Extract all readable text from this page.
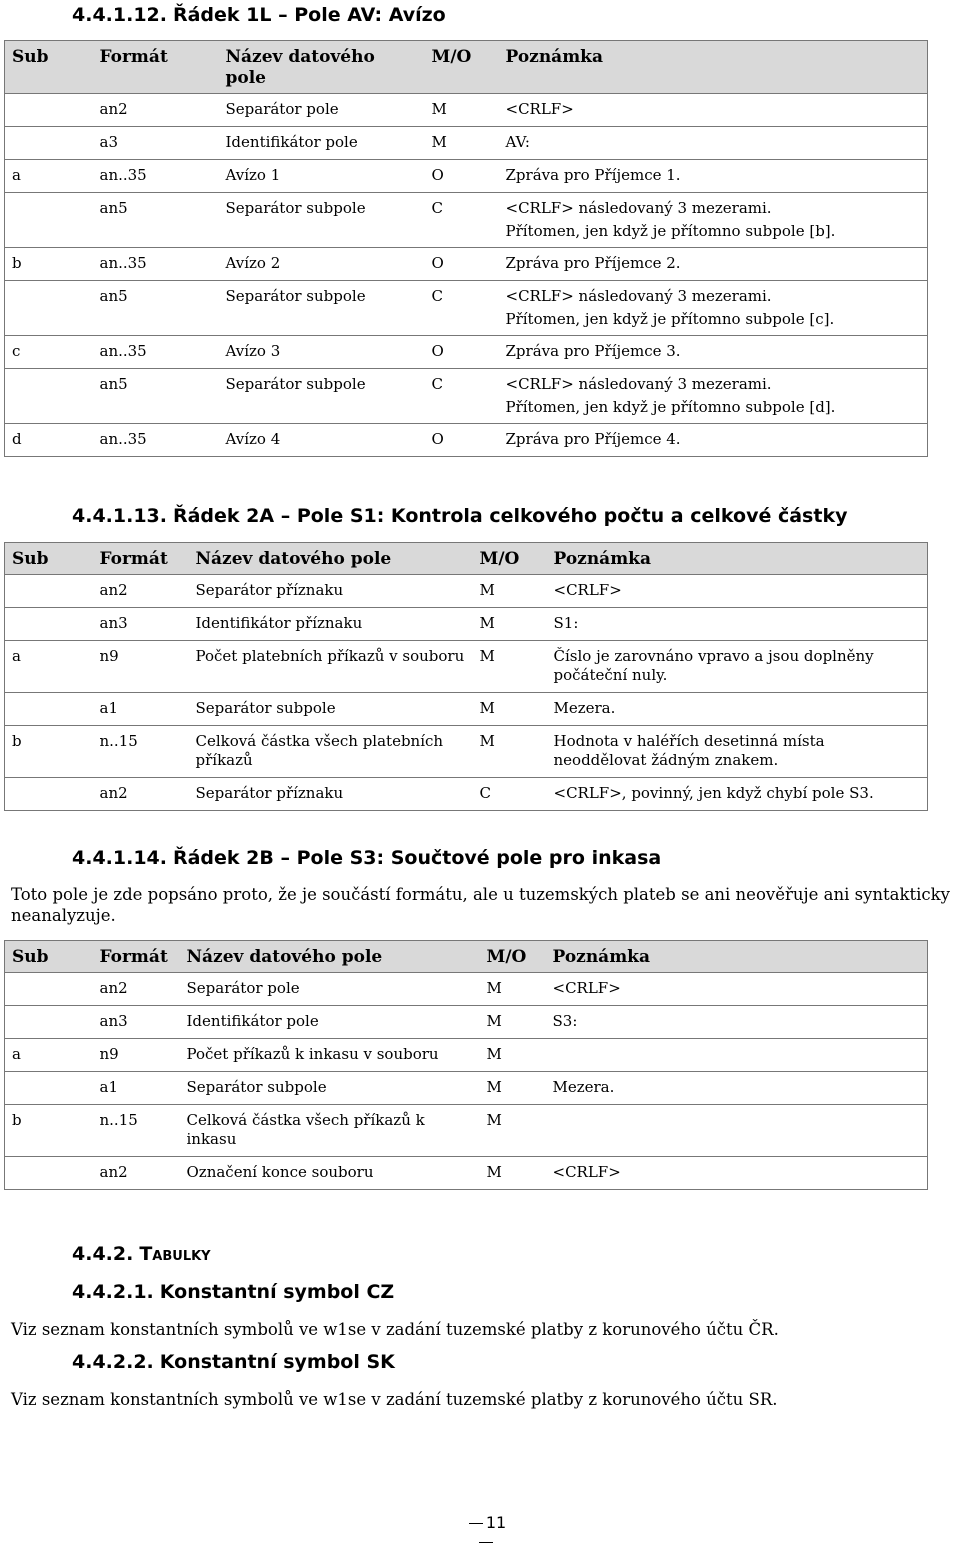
4.4.1.12. Řádek 1L – Pole AV: Avízo
Sub	Formát	Název datového pole	M/O	Poznámka
	an2	Separátor pole	M	<CRLF>
	a3	Identifikátor pole	M	AV:
a	an..35	Avízo 1	O	Zpráva pro Příjemce 1.
	an5	Separátor subpole	C	<CRLF> následovaný 3 mezerami.
				Přítomen, jen když je přítomno subpole [b].
b	an..35	Avízo 2	O	Zpráva pro Příjemce 2.
	an5	Separátor subpole	C	<CRLF> následovaný 3 mezerami.
				Přítomen, jen když je přítomno subpole [c].
c	an..35	Avízo 3	O	Zpráva pro Příjemce 3.
	an5	Separátor subpole	C	<CRLF> následovaný 3 mezerami.
				Přítomen, jen když je přítomno subpole [d].
d	an..35	Avízo 4	O	Zpráva pro Příjemce 4.
4.4.1.13. Řádek 2A – Pole S1: Kontrola celkového počtu a celkové částky
Sub	Formát	Název datového pole	M/O	Poznámka
	an2	Separátor příznaku	M	<CRLF>
	an3	Identifikátor příznaku	M	S1:
a	n9	Počet platebních příkazů v souboru	M	Číslo je zarovnáno vpravo a jsou doplněny počáteční nuly.
	a1	Separátor subpole	M	Mezera.
b	n..15	Celková částka všech platebních příkazů	M	Hodnota v haléřích desetinná místa neoddělovat žádným znakem.
	an2	Separátor příznaku	C	<CRLF>, povinný, jen když chybí pole S3.
4.4.1.14. Řádek 2B – Pole S3: Součtové pole pro inkasa
Toto pole je zde popsáno proto, že je součástí formátu, ale u tuzemských plateb se ani neověřuje ani syntakticky neanalyzuje.
Sub	Formát	Název datového pole	M/O	Poznámka
	an2	Separátor pole	M	<CRLF>
	an3	Identifikátor pole	M	S3:
a	n9	Počet příkazů k inkasu v souboru	M	
	a1	Separátor subpole	M	Mezera.
b	n..15	Celková částka všech příkazů k inkasu	M	
	an2	Označení konce souboru	M	<CRLF>
4.4.2. Tabulky
4.4.2.1. Konstantní symbol CZ
Viz seznam konstantních symbolů ve w1se v zadání tuzemské platby z korunového účtu ČR.
4.4.2.2. Konstantní symbol SK
Viz seznam konstantních symbolů ve w1se v zadání tuzemské platby z korunového účtu SR.
11
